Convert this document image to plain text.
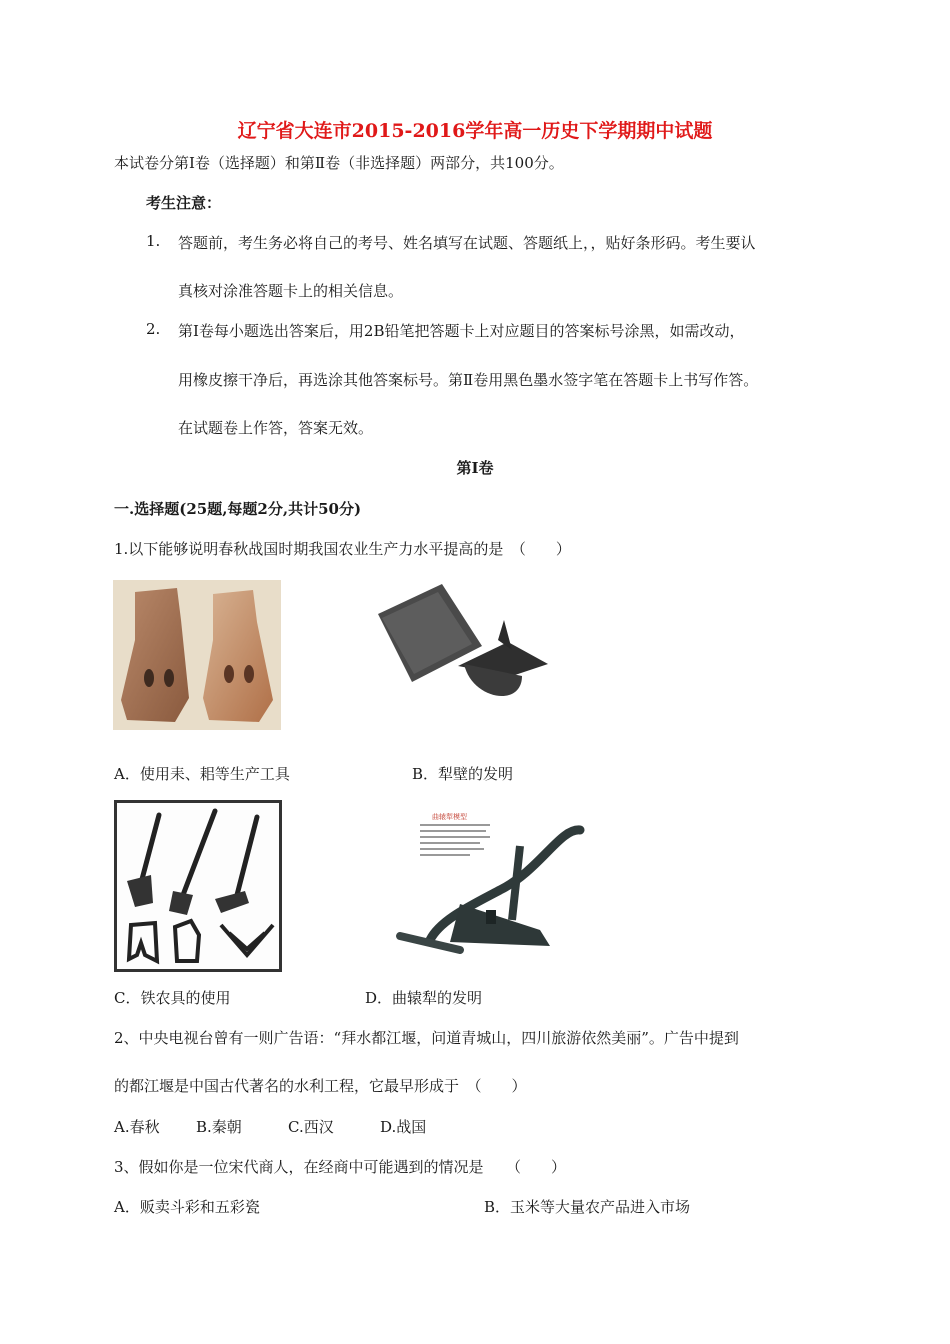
辽宁省大连市2015-2016学年高一历史下学期期中试题
本试卷分第Ⅰ卷（选择题）和第Ⅱ卷（非选择题）两部分，共100分。
考生注意：
1. 答题前，考生务必将自己的考号、姓名填写在试题、答题纸上，，贴好条形码。考生要认
真核对涂准答题卡上的相关信息。
2. 第Ⅰ卷每小题选出答案后，用2B铅笔把答题卡上对应题目的答案标号涂黑，如需改动，
用橡皮擦干净后，再选涂其他答案标号。第Ⅱ卷用黑色墨水签字笔在答题卡上书写作答。
在试题卷上作答，答案无效。
第Ⅰ卷
一.选择题(25题,每题2分,共计50分)
1.以下能够说明春秋战国时期我国农业生产力水平提高的是　（　　）
A．使用耒、耜等生产工具	B．犁壁的发明
曲辕犁模型
C．铁农具的使用	D．曲辕犁的发明
2、中央电视台曾有一则广告语：“拜水都江堰，问道青城山，四川旅游依然美丽”。广告中提到
的都江堰是中国古代著名的水利工程，它最早形成于　（　　）
A.春秋 B.秦朝	C.西汉	D.战国
3、假如你是一位宋代商人，在经商中可能遇到的情况是　　（　　）
A．贩卖斗彩和五彩瓷	B．玉米等大量农产品进入市场
